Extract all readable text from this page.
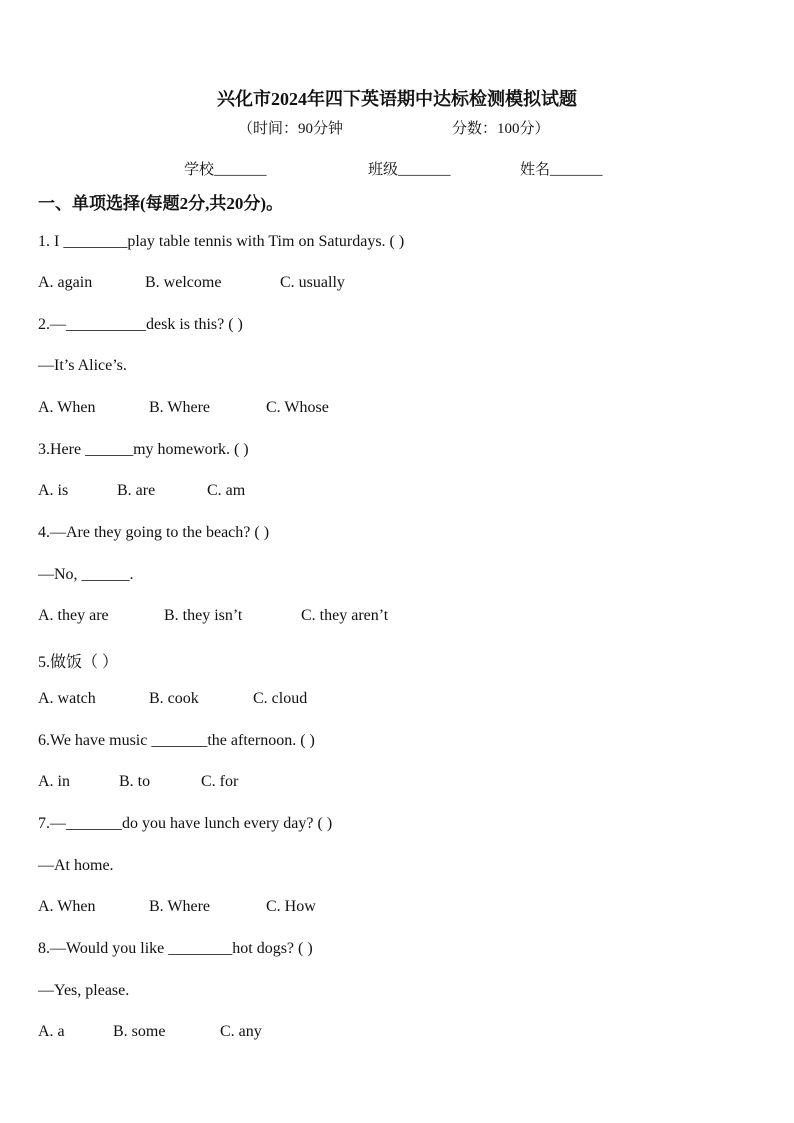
兴化市2024年四下英语期中达标检测模拟试题
（时间：90分钟	分数：100分）
学校_______	班级_______	姓名_______
一、单项选择(每题2分,共20分)。
1. I ________play table tennis with Tim on Saturdays. ( )
A. again	B. welcome	C. usually
2.—__________desk is this? ( )
—It’s Alice’s.
A. When	B. Where	C. Whose
3.Here ______my homework. ( )
A. is	B. are	C. am
4.—Are they going to the beach? ( )
—No, ______.
A. they are	B. they isn’t	C. they aren’t
5.做饭（ ）
A. watch	B. cook	C. cloud
6.We have music _______the afternoon. ( )
A. in	B. to	C. for
7.—_______do you have lunch every day? ( )
—At home.
A. When	B. Where	C. How
8.—Would you like ________hot dogs? ( )
—Yes, please.
A. a	B. some	C. any
